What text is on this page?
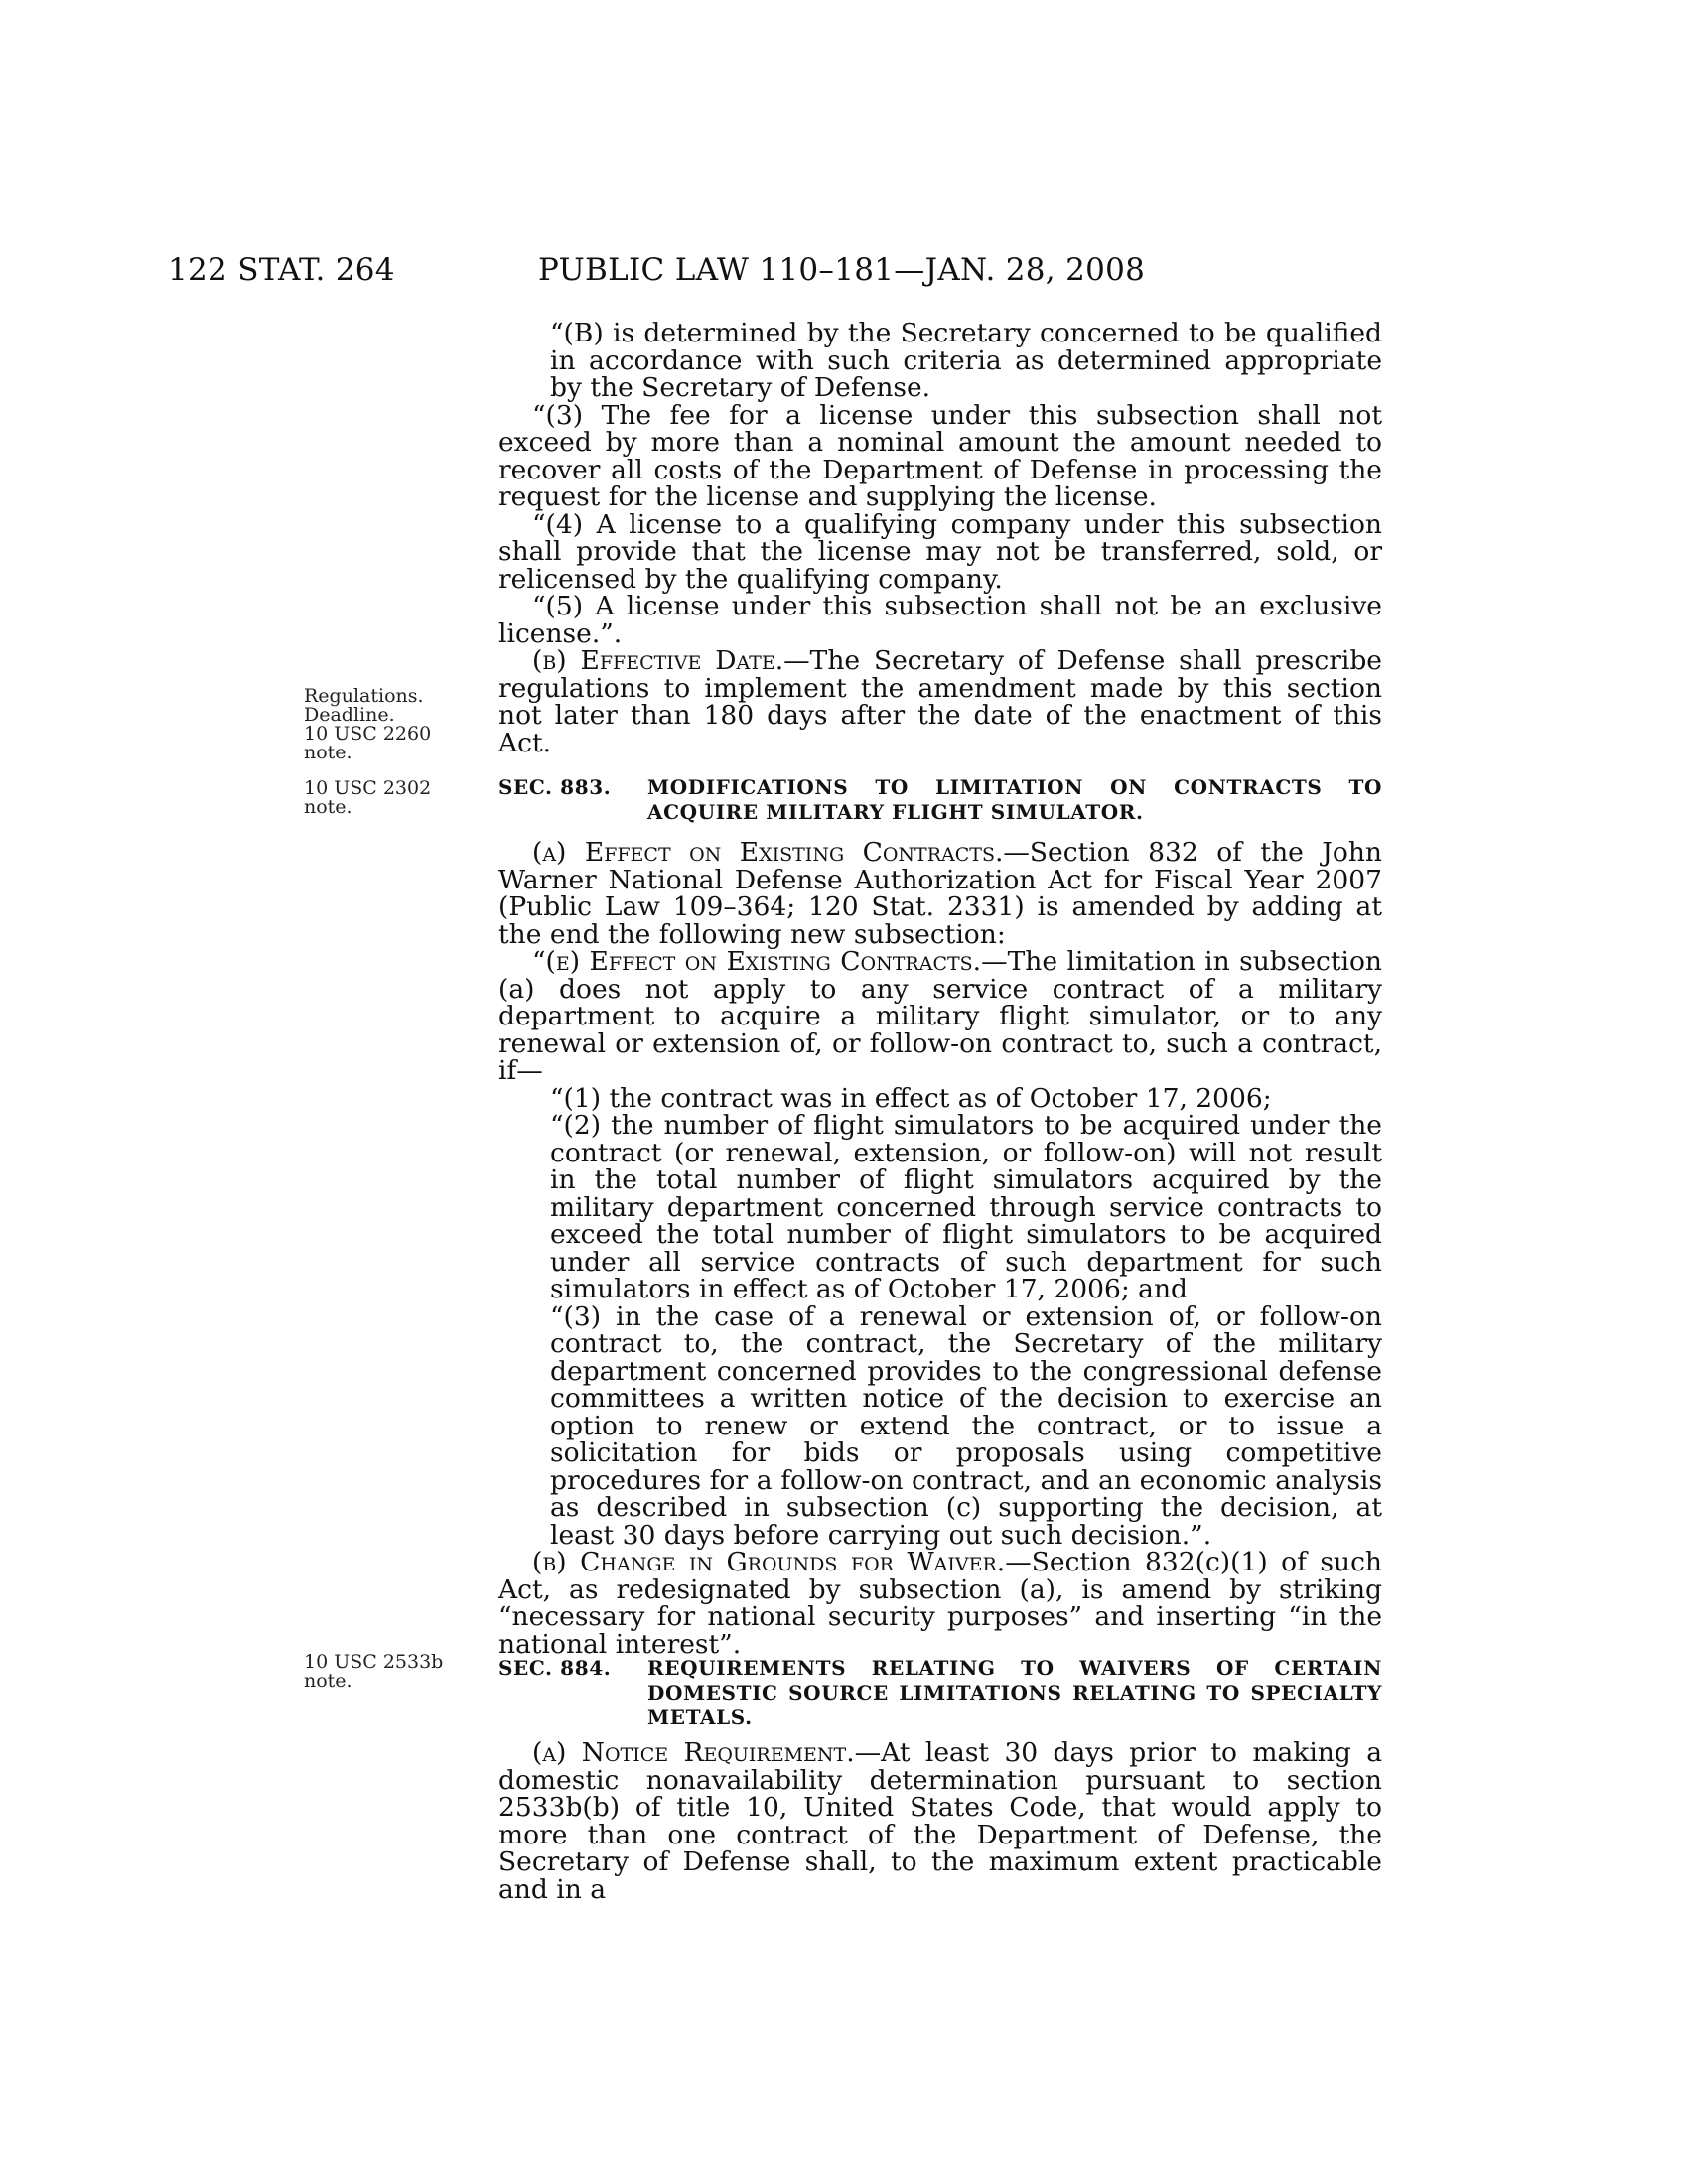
122 STAT. 264	PUBLIC LAW 110–181—JAN. 28, 2008
Regulations.
Deadline.
10 USC 2260
note.
10 USC 2302
note.
10 USC 2533b
note.

“(B) is determined by the Secretary concerned to be qualified in accordance with such criteria as determined appropriate by the Secretary of Defense.

“(3) The fee for a license under this subsection shall not exceed by more than a nominal amount the amount needed to recover all costs of the Department of Defense in processing the request for the license and supplying the license.

“(4) A license to a qualifying company under this subsection shall provide that the license may not be transferred, sold, or relicensed by the qualifying company.

“(5) A license under this subsection shall not be an exclusive license.”.

(b) Effective Date.—The Secretary of Defense shall prescribe regulations to implement the amendment made by this section not later than 180 days after the date of the enactment of this Act.

SEC. 883.	MODIFICATIONS TO LIMITATION ON CONTRACTS TO ACQUIRE MILITARY FLIGHT SIMULATOR.

(a) Effect on Existing Contracts.—Section 832 of the John Warner National Defense Authorization Act for Fiscal Year 2007 (Public Law 109–364; 120 Stat. 2331) is amended by adding at the end the following new subsection:

“(e) Effect on Existing Contracts.—The limitation in subsection (a) does not apply to any service contract of a military department to acquire a military flight simulator, or to any renewal or extension of, or follow-on contract to, such a contract, if—

“(1) the contract was in effect as of October 17, 2006;

“(2) the number of flight simulators to be acquired under the contract (or renewal, extension, or follow-on) will not result in the total number of flight simulators acquired by the military department concerned through service contracts to exceed the total number of flight simulators to be acquired under all service contracts of such department for such simulators in effect as of October 17, 2006; and

“(3) in the case of a renewal or extension of, or follow-on contract to, the contract, the Secretary of the military department concerned provides to the congressional defense committees a written notice of the decision to exercise an option to renew or extend the contract, or to issue a solicitation for bids or proposals using competitive procedures for a follow-on contract, and an economic analysis as described in subsection (c) supporting the decision, at least 30 days before carrying out such decision.”.

(b) Change in Grounds for Waiver.—Section 832(c)(1) of such Act, as redesignated by subsection (a), is amend by striking “necessary for national security purposes” and inserting “in the national interest”.

SEC. 884.	REQUIREMENTS RELATING TO WAIVERS OF CERTAIN DOMESTIC SOURCE LIMITATIONS RELATING TO SPECIALTY METALS.

(a) Notice Requirement.—At least 30 days prior to making a domestic nonavailability determination pursuant to section 2533b(b) of title 10, United States Code, that would apply to more than one contract of the Department of Defense, the Secretary of Defense shall, to the maximum extent practicable and in a
